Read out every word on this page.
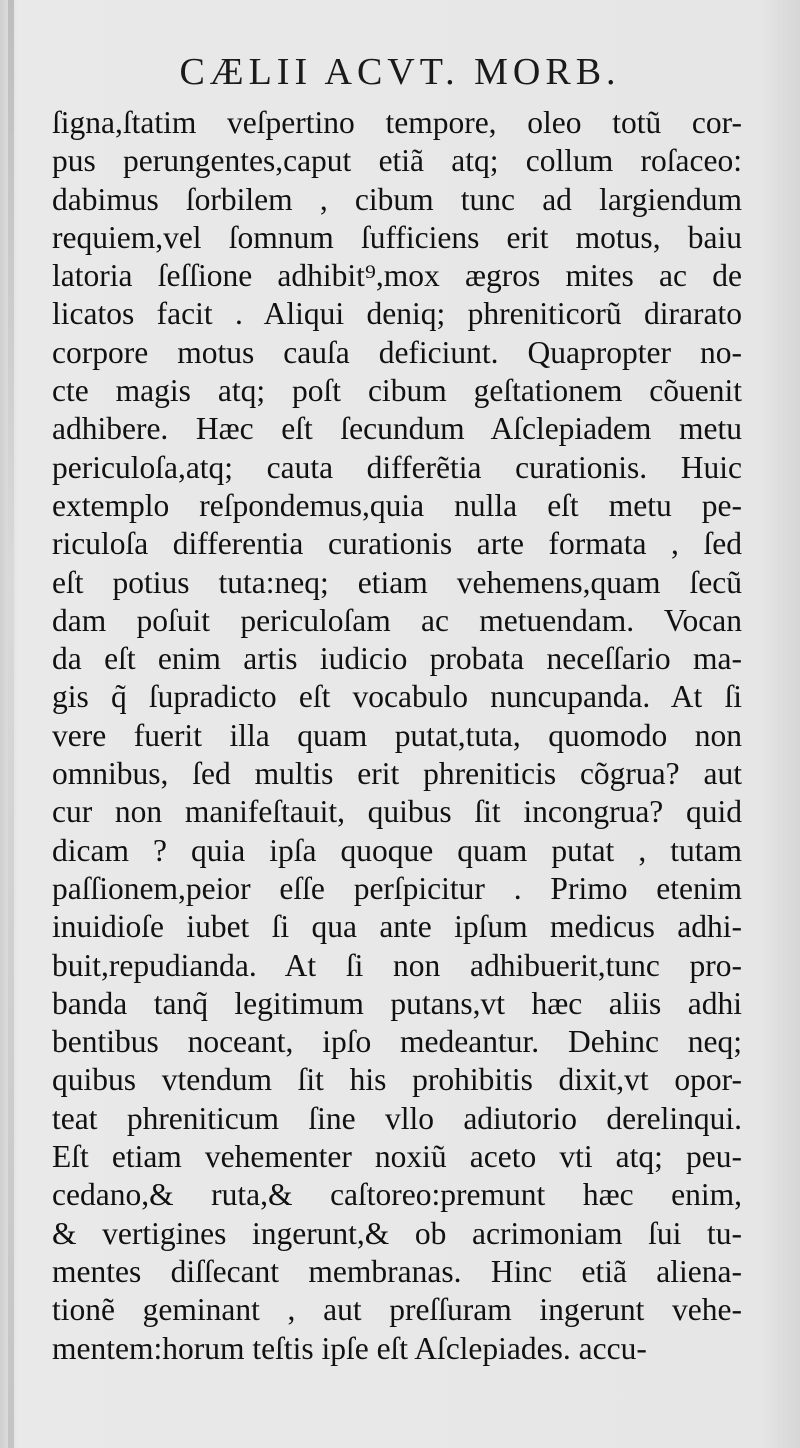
CÆLII ACVT. MORB.
ſigna,ſtatim veſpertino tempore, oleo totũ cor-
pus perungentes,caput etiã atq; collum roſaceo:
dabimus ſorbilem , cibum tunc ad largiendum
requiem,vel ſomnum ſufficiens erit motus, baiu
latoria ſeſſione adhibit⁹,mox ægros mites ac de
licatos facit . Aliqui deniq; phreniticorũ dirarato
corpore motus cauſa deficiunt. Quapropter no-
cte magis atq; poſt cibum geſtationem cõuenit
adhibere. Hæc eſt ſecundum Aſclepiadem metu
periculoſa,atq; cauta differẽtia curationis. Huic
extemplo reſpondemus,quia nulla eſt metu pe-
riculoſa differentia curationis arte formata , ſed
eſt potius tuta:neq; etiam vehemens,quam ſecũ
dam poſuit periculoſam ac metuendam. Vocan
da eſt enim artis iudicio probata neceſſario ma-
gis q̃ ſupradicto eſt vocabulo nuncupanda. At ſi
vere fuerit illa quam putat,tuta, quomodo non
omnibus, ſed multis erit phreniticis cõgrua? aut
cur non manifeſtauit, quibus ſit incongrua? quid
dicam ? quia ipſa quoque quam putat , tutam
paſſionem,peior eſſe perſpicitur . Primo etenim
inuidioſe iubet ſi qua ante ipſum medicus adhi-
buit,repudianda. At ſi non adhibuerit,tunc pro-
banda tanq̃ legitimum putans,vt hæc aliis adhi
bentibus noceant, ipſo medeantur. Dehinc neq;
quibus vtendum ſit his prohibitis dixit,vt opor-
teat phreniticum ſine vllo adiutorio derelinqui.
Eſt etiam vehementer noxiũ aceto vti atq; peu-
cedano,& ruta,& caſtoreo:premunt hæc enim,
& vertigines ingerunt,& ob acrimoniam ſui tu-
mentes diſſecant membranas. Hinc etiã aliena-
tionẽ geminant , aut preſſuram ingerunt vehe-
mentem:horum teſtis ipſe eſt Aſclepiades. accu-
